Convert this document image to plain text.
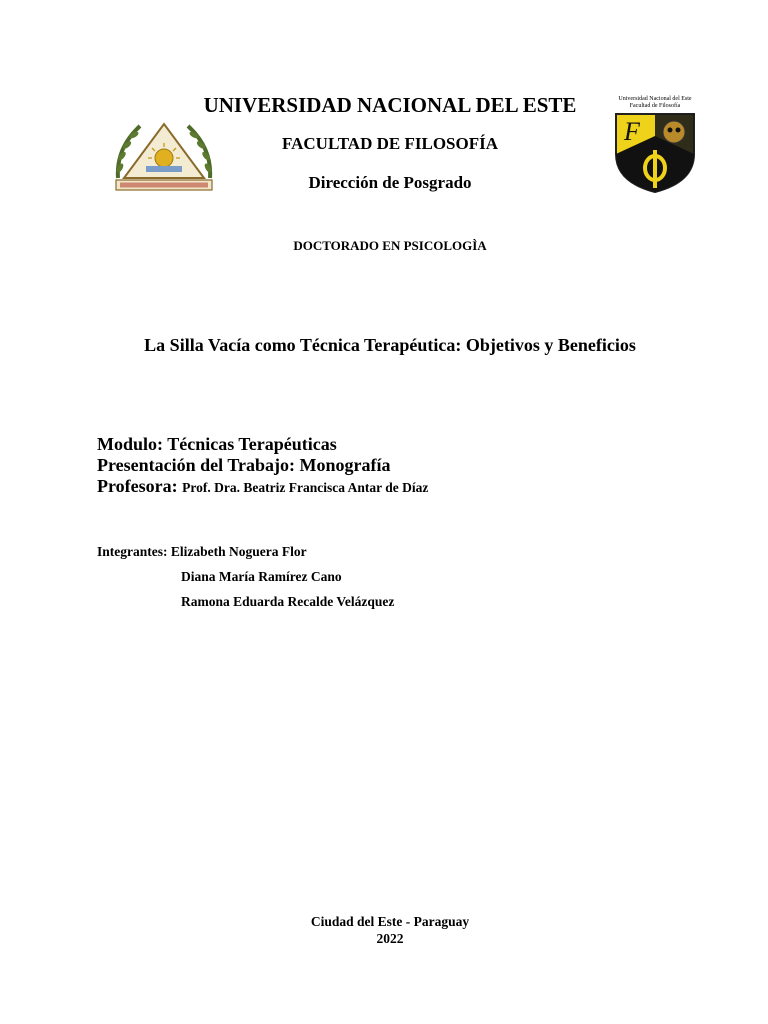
Universidad Nacional del Este
Facultad de Filosofía
F
UNIVERSIDAD NACIONAL DEL ESTE
FACULTAD DE FILOSOFÍA
Dirección de Posgrado
DOCTORADO EN PSICOLOGÌA
La Silla Vacía como Técnica Terapéutica: Objetivos y Beneficios
Modulo: Técnicas Terapéuticas
Presentación del Trabajo: Monografía
Profesora: Prof. Dra. Beatriz Francisca Antar de Díaz
Integrantes: Elizabeth Noguera Flor
Diana María Ramírez Cano
Ramona Eduarda Recalde Velázquez
Ciudad del Este - Paraguay
2022
